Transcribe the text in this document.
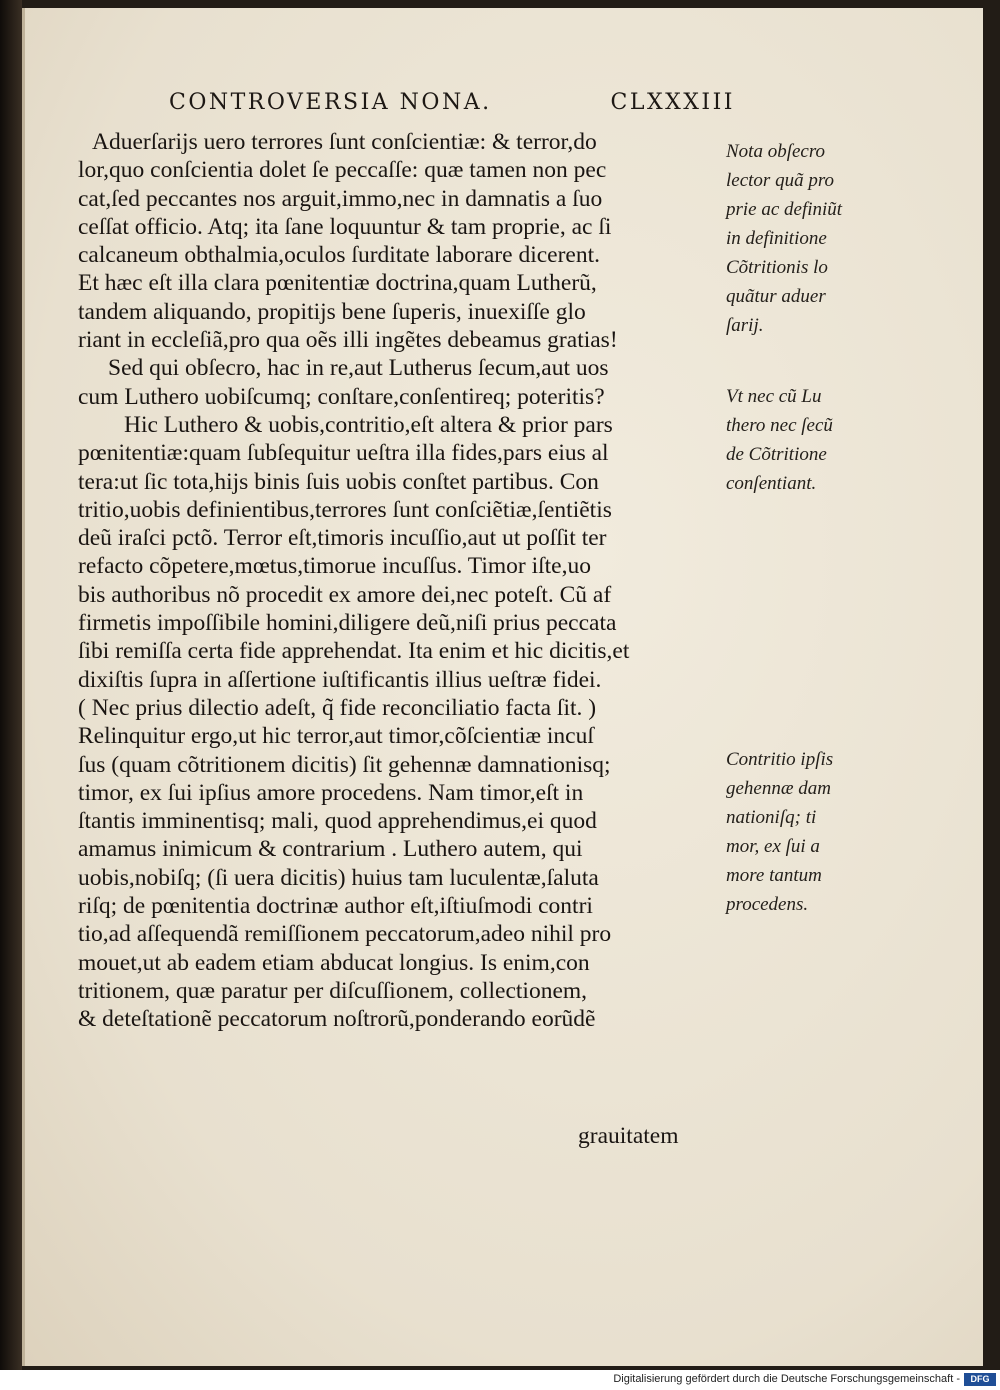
CONTROVERSIA NONA.	CLXXXIII
Aduerſarijs uero terrores ſunt conſcientiæ: & terror,do
lor,quo conſcientia dolet ſe peccaſſe: quæ tamen non pec
cat,ſed peccantes nos arguit,immo,nec in damnatis a ſuo
ceſſat officio. Atq; ita ſane loquuntur & tam proprie, ac ſi
calcaneum obthalmia,oculos ſurditate laborare dicerent.
Et hæc eſt illa clara pœnitentiæ doctrina,quam Lutherũ,
tandem aliquando, propitijs bene ſuperis, inuexiſſe glo
riant in eccleſiã,pro qua oẽs illi ingẽtes debeamus gratias!
Sed qui obſecro, hac in re,aut Lutherus ſecum,aut uos
cum Luthero uobiſcumq; conſtare,conſentireq; poteritis?
Hic Luthero & uobis,contritio,eſt altera & prior pars
pœnitentiæ:quam ſubſequitur ueſtra illa fides,pars eius al
tera:ut ſic tota,hijs binis ſuis uobis conſtet partibus. Con
tritio,uobis definientibus,terrores ſunt conſciẽtiæ,ſentiẽtis
deũ iraſci pctõ. Terror eſt,timoris incuſſio,aut ut poſſit ter
refacto cõpetere,mœtus,timorue incuſſus. Timor iſte,uo
bis authoribus nõ procedit ex amore dei,nec poteſt. Cũ af
firmetis impoſſibile homini,diligere deũ,niſi prius peccata
ſibi remiſſa certa fide apprehendat. Ita enim et hic dicitis,et
dixiſtis ſupra in aſſertione iuſtificantis illius ueſtræ fidei.
( Nec prius dilectio adeſt, q̃ fide reconciliatio facta ſit. )
Relinquitur ergo,ut hic terror,aut timor,cõſcientiæ incuſ
ſus (quam cõtritionem dicitis) ſit gehennæ damnationisq;
timor, ex ſui ipſius amore procedens. Nam timor,eſt in
ſtantis imminentisq; mali, quod apprehendimus,ei quod
amamus inimicum & contrarium . Luthero autem, qui
uobis,nobiſq; (ſi uera dicitis) huius tam luculentæ,ſaluta
riſq; de pœnitentia doctrinæ author eſt,iſtiuſmodi contri
tio,ad aſſequendã remiſſionem peccatorum,adeo nihil pro
mouet,ut ab eadem etiam abducat longius. Is enim,con
tritionem, quæ paratur per diſcuſſionem, collectionem,
& deteſtationẽ peccatorum noſtrorũ,ponderando eorũdẽ
Nota obſecro
lector quã pro
prie ac definiũt
in definitione
Cõtritionis lo
quãtur aduer
ſarij.
Vt nec cũ Lu
thero nec ſecũ
de Cõtritione
conſentiant.
Contritio ipſis
gehennæ dam
nationiſq; ti
mor, ex ſui a
more tantum
procedens.
grauitatem
Digitalisierung gefördert durch die Deutsche Forschungsgemeinschaft -	DFG
